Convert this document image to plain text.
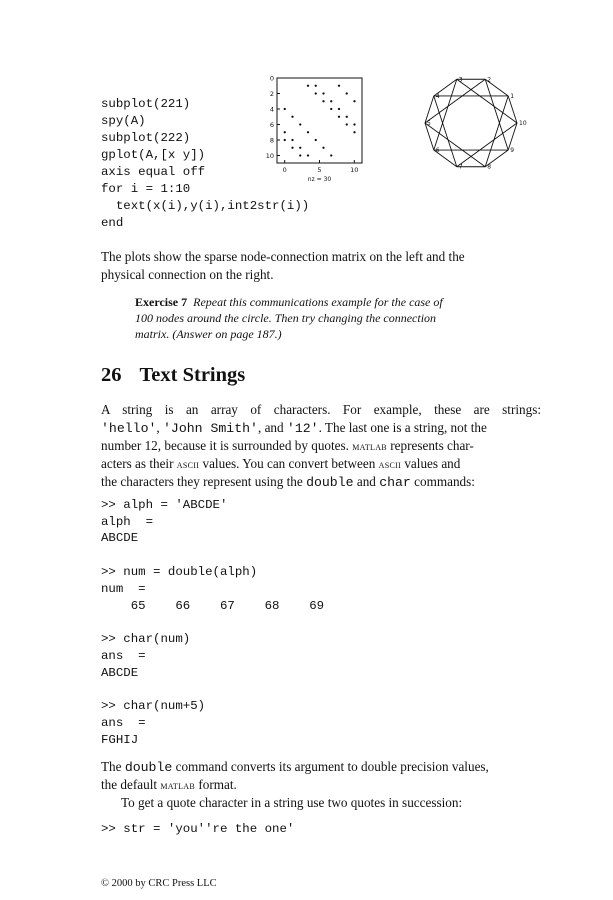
subplot(221)
spy(A)
subplot(222)
gplot(A,[x y])
axis equal off
for i = 1:10
text(x(i),y(i),int2str(i))
end
0
2
4
6
8
10
0	5	10
nz = 30
10
1
2
3
4
5
6
7	8
9
The plots show the sparse node-connection matrix on the left and the
physical connection on the right.
Exercise 7 Repeat this communications example for the case of
100 nodes around the circle. Then try changing the connection
matrix. (Answer on page 187.)
26 Text Strings
A string is an array of characters. For example, these are strings:
'hello', 'John Smith', and '12'. The last one is a string, not the
number 12, because it is surrounded by quotes. matlab represents char-
acters as their ascii values. You can convert between ascii values and
the characters they represent using the double and char commands:
>> alph = 'ABCDE'
alph  =
ABCDE
>> num = double(alph)
num  =
65    66    67    68    69
>> char(num)
ans  =
ABCDE
>> char(num+5)
ans  =
FGHIJ
The double command converts its argument to double precision values,
the default matlab format.
To get a quote character in a string use two quotes in succession:
>> str = 'you''re the one'
© 2000 by CRC Press LLC
